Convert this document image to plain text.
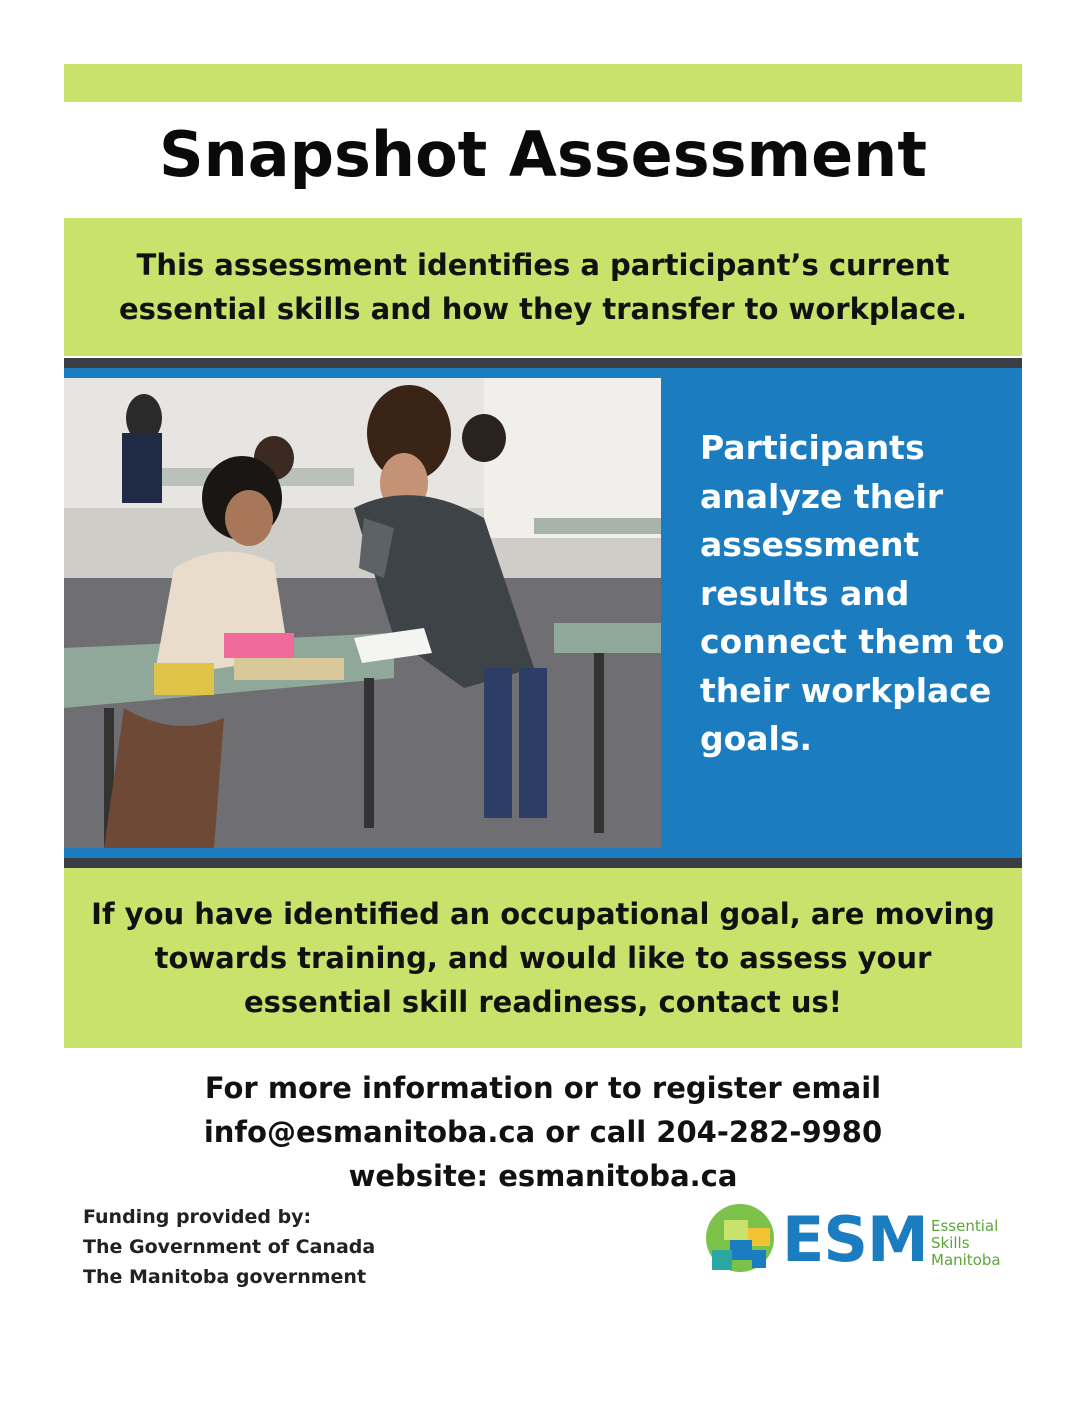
Snapshot Assessment
This assessment identifies a participant’s current essential skills and how they transfer to workplace.
Participants analyze their assessment results and connect them to their workplace goals.
If you have identified an occupational goal, are moving towards training, and would like to assess your essential skill readiness, contact us!
For more information or to register email
info@esmanitoba.ca or call 204-282-9980
website: esmanitoba.ca
Funding provided by:
The Government of Canada
The Manitoba government
ESM Essential
Skills
Manitoba
